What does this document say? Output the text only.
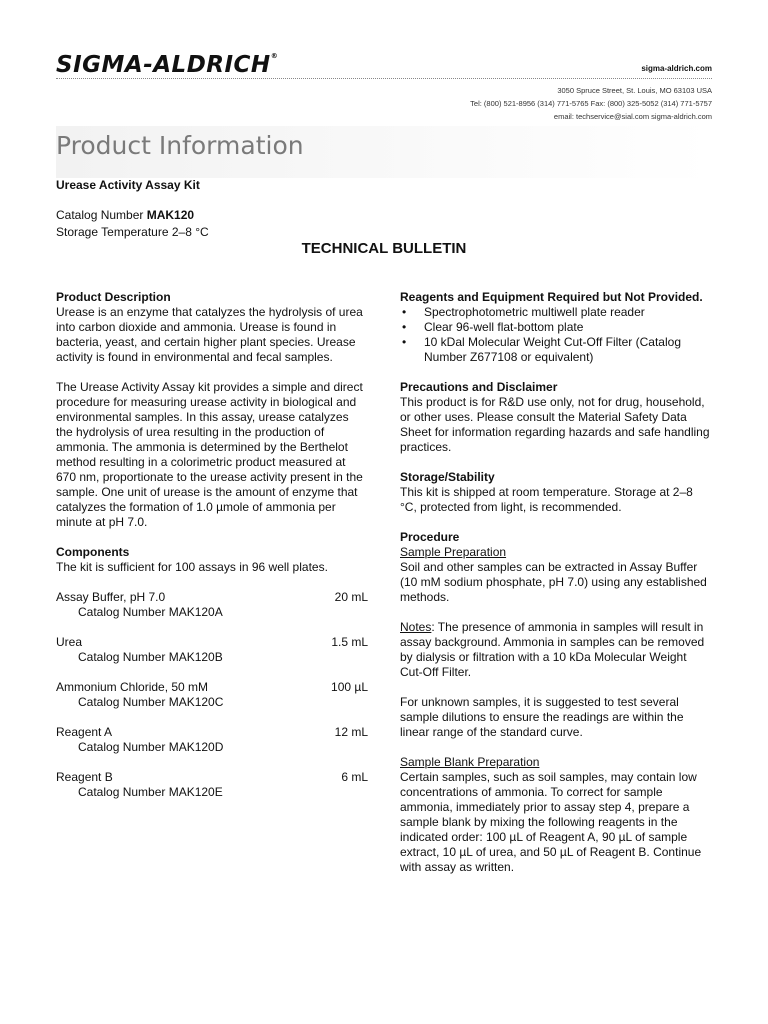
SIGMA-ALDRICH®
sigma-aldrich.com
3050 Spruce Street, St. Louis, MO 63103 USA
Tel: (800) 521-8956 (314) 771-5765 Fax: (800) 325-5052 (314) 771-5757
email: techservice@sial.com sigma-aldrich.com
Product Information
Urease Activity Assay Kit
Catalog Number MAK120
Storage Temperature 2–8 °C
TECHNICAL BULLETIN

Product Description

Urease is an enzyme that catalyzes the hydrolysis of urea into carbon dioxide and ammonia. Urease is found in bacteria, yeast, and certain higher plant species. Urease activity is found in environmental and fecal samples.

The Urease Activity Assay kit provides a simple and direct procedure for measuring urease activity in biological and environmental samples. In this assay, urease catalyzes the hydrolysis of urea resulting in the production of ammonia. The ammonia is determined by the Berthelot method resulting in a colorimetric product measured at 670 nm, proportionate to the urease activity present in the sample. One unit of urease is the amount of enzyme that catalyzes the formation of 1.0 µmole of ammonia per minute at pH 7.0.

Components

The kit is sufficient for 100 assays in 96 well plates.

Assay Buffer, pH 7.0	20 mL
Catalog Number MAK120A
Urea	1.5 mL
Catalog Number MAK120B
Ammonium Chloride, 50 mM	100 µL
Catalog Number MAK120C
Reagent A	12 mL
Catalog Number MAK120D
Reagent B	6 mL
Catalog Number MAK120E

Reagents and Equipment Required but Not Provided.

• Spectrophotometric multiwell plate reader
• Clear 96-well flat-bottom plate
• 10 kDal Molecular Weight Cut-Off Filter (Catalog Number Z677108 or equivalent)

Precautions and Disclaimer

This product is for R&D use only, not for drug, household, or other uses. Please consult the Material Safety Data Sheet for information regarding hazards and safe handling practices.

Storage/Stability

This kit is shipped at room temperature. Storage at 2–8 °C, protected from light, is recommended.

Procedure

Sample Preparation

Soil and other samples can be extracted in Assay Buffer (10 mM sodium phosphate, pH 7.0) using any established methods.

Notes: The presence of ammonia in samples will result in assay background. Ammonia in samples can be removed by dialysis or filtration with a 10 kDa Molecular Weight Cut-Off Filter.

For unknown samples, it is suggested to test several sample dilutions to ensure the readings are within the linear range of the standard curve.

Sample Blank Preparation

Certain samples, such as soil samples, may contain low concentrations of ammonia. To correct for sample ammonia, immediately prior to assay step 4, prepare a sample blank by mixing the following reagents in the indicated order: 100 µL of Reagent A, 90 µL of sample extract, 10 µL of urea, and 50 µL of Reagent B. Continue with assay as written.
